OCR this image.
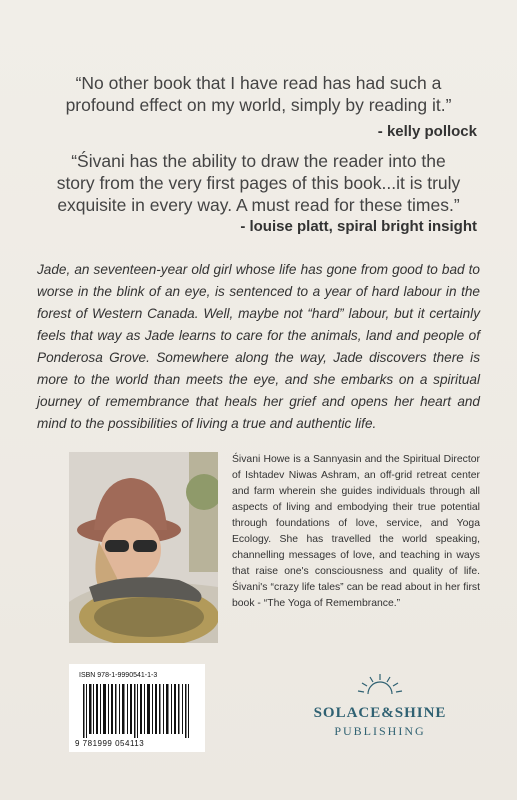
“No other book that I have read has had such a
profound effect on my world, simply by reading it.”
- kelly pollock
“Śivani has the ability to draw the reader into the
story from the very first pages of this book...it is truly
exquisite in every way. A must read for these times.”
- louise platt, spiral bright insight
Jade, an seventeen-year old girl whose life has gone from good to bad to worse in the blink of an eye, is sentenced to a year of hard labour in the forest of Western Canada. Well, maybe not “hard” labour, but it certainly feels that way as Jade learns to care for the animals, land and people of Ponderosa Grove. Somewhere along the way, Jade discovers there is more to the world than meets the eye, and she embarks on a spiritual journey of remembrance that heals her grief and opens her heart and mind to the possibilities of living a true and authentic life.
Śivani Howe is a Sannyasin and the Spiritual Director of Ishtadev Niwas Ashram, an off-grid retreat center and farm wherein she guides individuals through all aspects of living and embodying their true potential through foundations of love, service, and Yoga Ecology. She has travelled the world speaking, channelling messages of love, and teaching in ways that raise one's consciousness and quality of life. Śivani's “crazy life tales” can be read about in her first book - “The Yoga of Remembrance.”
ISBN 978-1-9990541-1-3
9 781999 054113
SOLACE&SHINE
PUBLISHING
